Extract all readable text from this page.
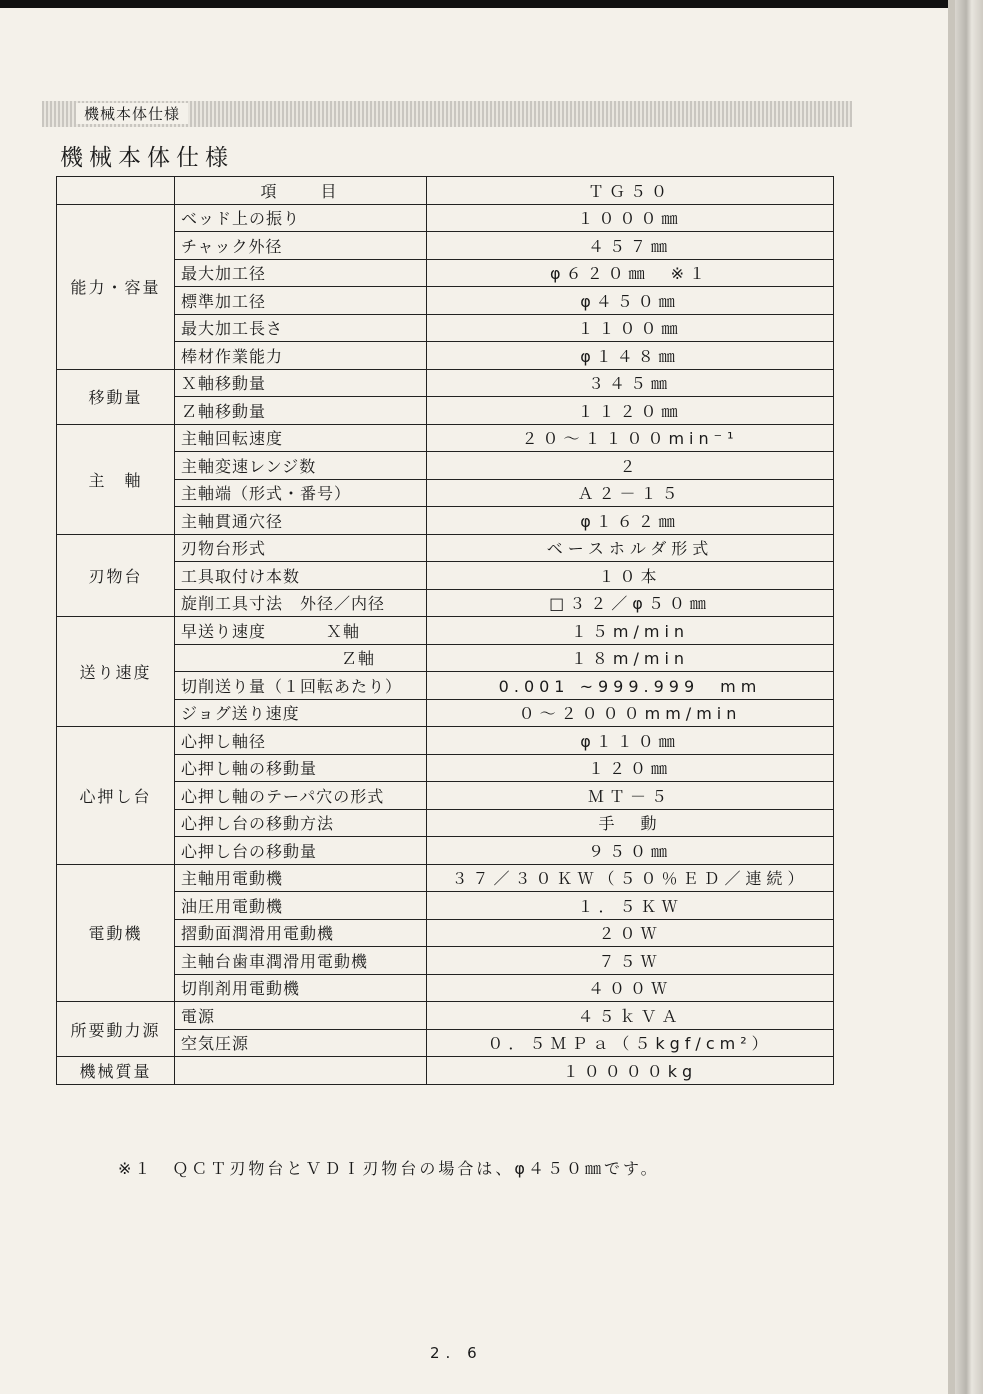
機械本体仕様
機械本体仕様
	項　　目	ＴＧ５０
能力・容量	ベッド上の振り	１０００㎜
	チャック外径	４５７㎜
	最大加工径	φ６２０㎜　※１
	標準加工径	φ４５０㎜
	最大加工長さ	１１００㎜
	棒材作業能力	φ１４８㎜
移動量	Ｘ軸移動量	３４５㎜
	Ｚ軸移動量	１１２０㎜
主　軸	主軸回転速度	２０～１１００min⁻¹
	主軸変速レンジ数	２
	主軸端（形式・番号）	Ａ２－１５
	主軸貫通穴径	φ１６２㎜
刃物台	刃物台形式	ベースホルダ形式
	工具取付け本数	１０本
	旋削工具寸法　外径／内径	□３２／φ５０㎜
送り速度	早送り速度 Ｘ軸	１５m/min
	Ｚ軸	１８m/min
	切削送り量（１回転あたり）	0.001 ~999.999　mm
	ジョグ送り速度	０～２０００mm/min
心押し台	心押し軸径	φ１１０㎜
	心押し軸の移動量	１２０㎜
	心押し軸のテーパ穴の形式	ＭＴ－５
	心押し台の移動方法	手　動
	心押し台の移動量	９５０㎜
電動機	主軸用電動機	３７／３０ＫＷ（５０％ＥＤ／連続）
	油圧用電動機	１．５ＫＷ
	摺動面潤滑用電動機	２０Ｗ
	主軸台歯車潤滑用電動機	７５Ｗ
	切削剤用電動機	４００Ｗ
所要動力源	電源	４５ｋＶＡ
	空気圧源	０．５ＭＰａ（５kgf/cm²）
機械質量		１００００kg
※１　ＱＣＴ刃物台とＶＤＩ刃物台の場合は、φ４５０㎜です。
2. 6
